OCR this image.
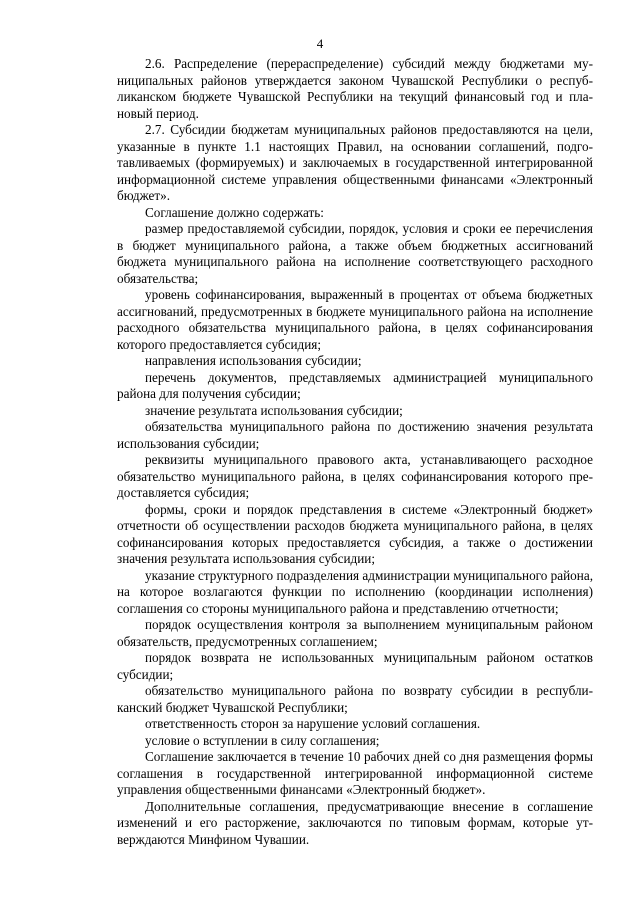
4

2.6. Распределение (перераспределение) субсидий между бюджетами муниципальных районов утверждается законом Чувашской Республики о республиканском бюджете Чувашской Республики на текущий финансовый год и плановый период.

2.7. Субсидии бюджетам муниципальных районов предоставляются на цели, указанные в пункте 1.1 настоящих Правил, на основании соглашений, подготавливаемых (формируемых) и заключаемых в государственной интегрированной информационной системе управления общественными финансами «Электронный бюджет».

Соглашение должно содержать:

размер предоставляемой субсидии, порядок, условия и сроки ее перечисления в бюджет муниципального района, а также объем бюджетных ассигнований бюджета муниципального района на исполнение соответствующего расходного обязательства;

уровень софинансирования, выраженный в процентах от объема бюджетных ассигнований, предусмотренных в бюджете муниципального района на исполнение расходного обязательства муниципального района, в целях софинансирования которого предоставляется субсидия;

направления использования субсидии;

перечень документов, представляемых администрацией муниципального района для получения субсидии;

значение результата использования субсидии;

обязательства муниципального района по достижению значения результата использования субсидии;

реквизиты муниципального правового акта, устанавливающего расходное обязательство муниципального района, в целях софинансирования которого предоставляется субсидия;

формы, сроки и порядок представления в системе «Электронный бюджет» отчетности об осуществлении расходов бюджета муниципального района, в целях софинансирования которых предоставляется субсидия, а также о достижении значения результата использования субсидии;

указание структурного подразделения администрации муниципального района, на которое возлагаются функции по исполнению (координации исполнения) соглашения со стороны муниципального района и представлению отчетности;

порядок осуществления контроля за выполнением муниципальным районом обязательств, предусмотренных соглашением;

порядок возврата не использованных муниципальным районом остатков субсидии;

обязательство муниципального района по возврату субсидии в республиканский бюджет Чувашской Республики;

ответственность сторон за нарушение условий соглашения.

условие о вступлении в силу соглашения;

Соглашение заключается в течение 10 рабочих дней со дня размещения формы соглашения в государственной интегрированной информационной системе управления общественными финансами «Электронный бюджет».

Дополнительные соглашения, предусматривающие внесение в соглашение изменений и его расторжение, заключаются по типовым формам, которые утверждаются Минфином Чувашии.
